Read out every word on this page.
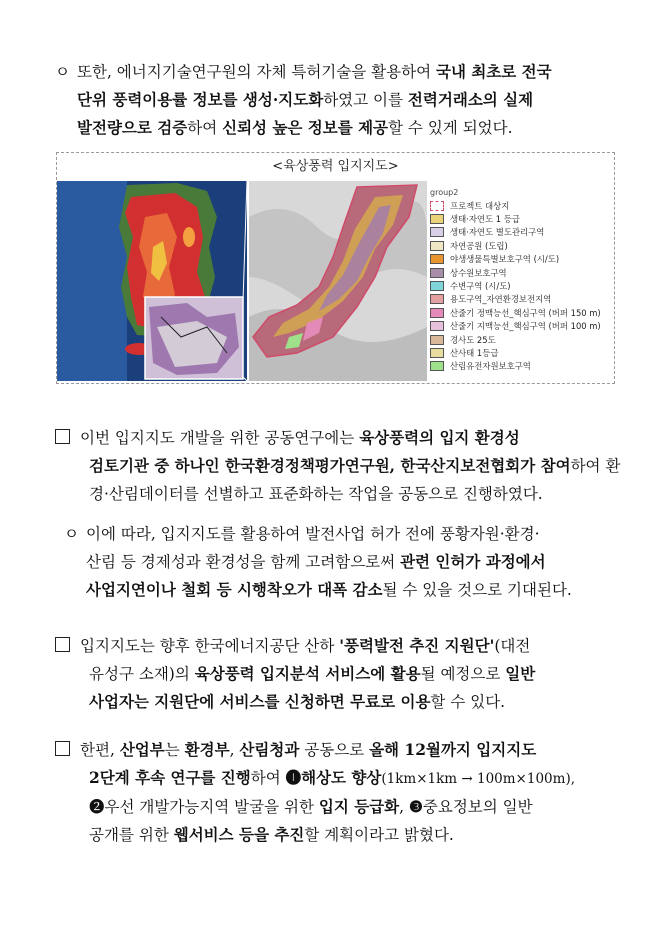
ㅇ 또한, 에너지기술연구원의 자체 특허기술을 활용하여 국내 최초로 전국
단위 풍력이용률 정보를 생성·지도화하였고 이를 전력거래소의 실제
발전량으로 검증하여 신뢰성 높은 정보를 제공할 수 있게 되었다.
<육상풍력 입지지도>
group2
프로젝트 대상지
생태·자연도 1 등급
생태·자연도 별도관리구역
자연공원 (도립)
야생생물특별보호구역 (시/도)
상수원보호구역
수변구역 (시/도)
용도구역_자연환경보전지역
산줄기 정맥능선_핵심구역 (버퍼 150 m)
산줄기 지맥능선_핵심구역 (버퍼 100 m)
경사도 25도
산사태 1등급
산림유전자원보호구역
이번 입지지도 개발을 위한 공동연구에는 육상풍력의 입지 환경성
검토기관 중 하나인 한국환경정책평가연구원, 한국산지보전협회가 참여하여 환
경·산림데이터를 선별하고 표준화하는 작업을 공동으로 진행하였다.
ㅇ 이에 따라, 입지지도를 활용하여 발전사업 허가 전에 풍황자원·환경·
산림 등 경제성과 환경성을 함께 고려함으로써 관련 인허가 과정에서
사업지연이나 철회 등 시행착오가 대폭 감소될 수 있을 것으로 기대된다.
입지지도는 향후 한국에너지공단 산하 '풍력발전 추진 지원단'(대전
유성구 소재)의 육상풍력 입지분석 서비스에 활용될 예정으로 일반
사업자는 지원단에 서비스를 신청하면 무료로 이용할 수 있다.
한편, 산업부는 환경부, 산림청과 공동으로 올해 12월까지 입지지도
2단계 후속 연구를 진행하여 ❶해상도 향상(1km×1km → 100m×100m),
❷우선 개발가능지역 발굴을 위한 입지 등급화, ❸중요정보의 일반
공개를 위한 웹서비스 등을 추진할 계획이라고 밝혔다.
